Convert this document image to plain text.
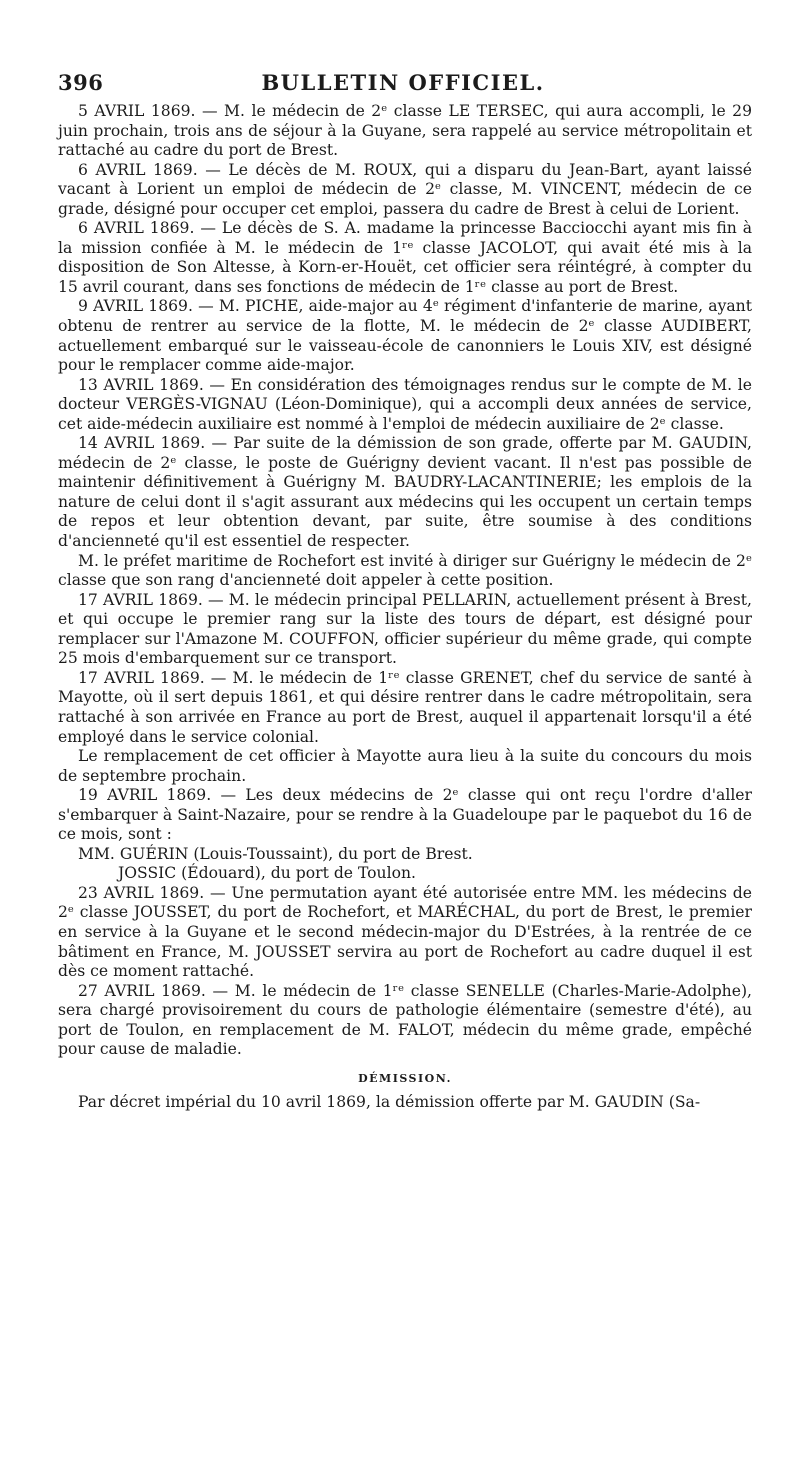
396	BULLETIN OFFICIEL.

5 AVRIL 1869. — M. le médecin de 2ᵉ classe LE TERSEC, qui aura accompli, le 29 juin prochain, trois ans de séjour à la Guyane, sera rappelé au service métropolitain et rattaché au cadre du port de Brest.

6 AVRIL 1869. — Le décès de M. ROUX, qui a disparu du Jean-Bart, ayant laissé vacant à Lorient un emploi de médecin de 2ᵉ classe, M. VINCENT, médecin de ce grade, désigné pour occuper cet emploi, passera du cadre de Brest à celui de Lorient.

6 AVRIL 1869. — Le décès de S. A. madame la princesse Bacciocchi ayant mis fin à la mission confiée à M. le médecin de 1ʳᵉ classe JACOLOT, qui avait été mis à la disposition de Son Altesse, à Korn-er-Houët, cet officier sera réintégré, à compter du 15 avril courant, dans ses fonctions de médecin de 1ʳᵉ classe au port de Brest.

9 AVRIL 1869. — M. PICHE, aide-major au 4ᵉ régiment d'infanterie de marine, ayant obtenu de rentrer au service de la flotte, M. le médecin de 2ᵉ classe AUDIBERT, actuellement embarqué sur le vaisseau-école de canonniers le Louis XIV, est désigné pour le remplacer comme aide-major.

13 AVRIL 1869. — En considération des témoignages rendus sur le compte de M. le docteur VERGÈS-VIGNAU (Léon-Dominique), qui a accompli deux années de service, cet aide-médecin auxiliaire est nommé à l'emploi de médecin auxiliaire de 2ᵉ classe.

14 AVRIL 1869. — Par suite de la démission de son grade, offerte par M. GAUDIN, médecin de 2ᵉ classe, le poste de Guérigny devient vacant. Il n'est pas possible de maintenir définitivement à Guérigny M. BAUDRY-LACANTINERIE; les emplois de la nature de celui dont il s'agit assurant aux médecins qui les occupent un certain temps de repos et leur obtention devant, par suite, être soumise à des conditions d'ancienneté qu'il est essentiel de respecter.

M. le préfet maritime de Rochefort est invité à diriger sur Guérigny le médecin de 2ᵉ classe que son rang d'ancienneté doit appeler à cette position.

17 AVRIL 1869. — M. le médecin principal PELLARIN, actuellement présent à Brest, et qui occupe le premier rang sur la liste des tours de départ, est désigné pour remplacer sur l'Amazone M. COUFFON, officier supérieur du même grade, qui compte 25 mois d'embarquement sur ce transport.

17 AVRIL 1869. — M. le médecin de 1ʳᵉ classe GRENET, chef du service de santé à Mayotte, où il sert depuis 1861, et qui désire rentrer dans le cadre métropolitain, sera rattaché à son arrivée en France au port de Brest, auquel il appartenait lorsqu'il a été employé dans le service colonial.

Le remplacement de cet officier à Mayotte aura lieu à la suite du concours du mois de septembre prochain.

19 AVRIL 1869. — Les deux médecins de 2ᵉ classe qui ont reçu l'ordre d'aller s'embarquer à Saint-Nazaire, pour se rendre à la Guadeloupe par le paquebot du 16 de ce mois, sont :

MM. GUÉRIN (Louis-Toussaint), du port de Brest.

JOSSIC (Édouard), du port de Toulon.

23 AVRIL 1869. — Une permutation ayant été autorisée entre MM. les médecins de 2ᵉ classe JOUSSET, du port de Rochefort, et MARÉCHAL, du port de Brest, le premier en service à la Guyane et le second médecin-major du D'Estrées, à la rentrée de ce bâtiment en France, M. JOUSSET servira au port de Rochefort au cadre duquel il est dès ce moment rattaché.

27 AVRIL 1869. — M. le médecin de 1ʳᵉ classe SENELLE (Charles-Marie-Adolphe), sera chargé provisoirement du cours de pathologie élémentaire (semestre d'été), au port de Toulon, en remplacement de M. FALOT, médecin du même grade, empêché pour cause de maladie.

DÉMISSION.

Par décret impérial du 10 avril 1869, la démission offerte par M. GAUDIN (Sa-
